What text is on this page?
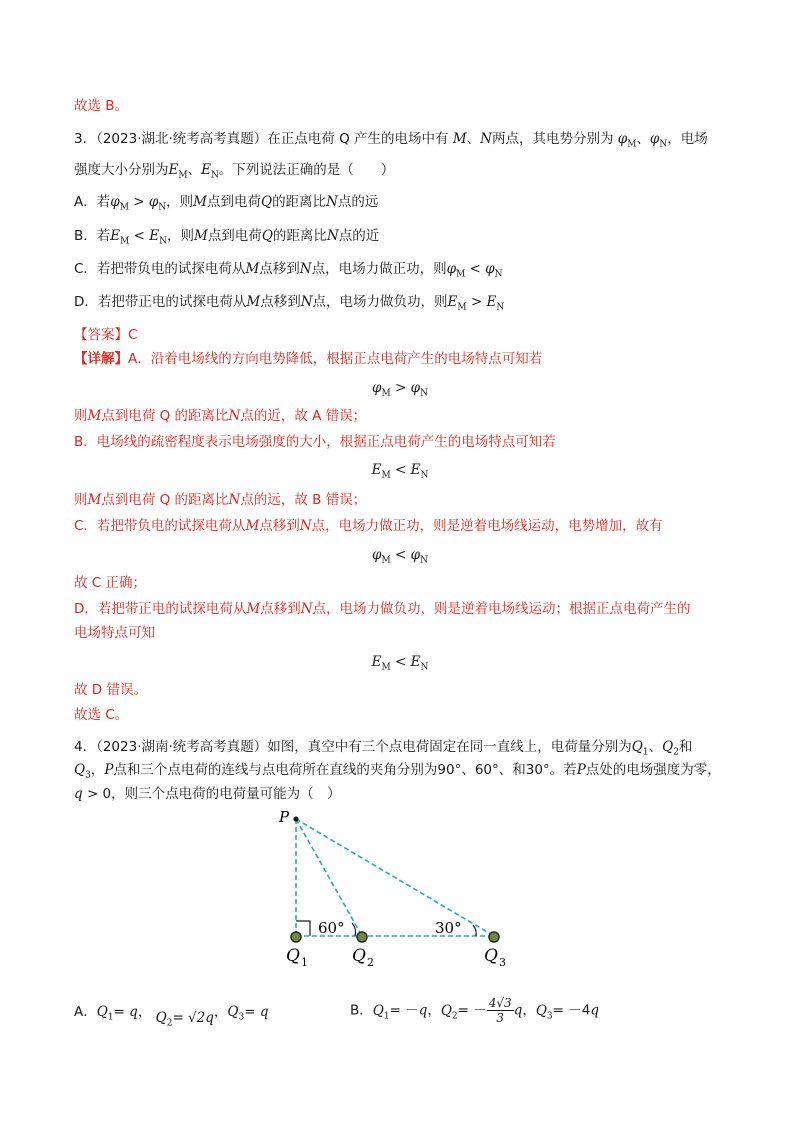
故选 B。
3．（2023·湖北·统考高考真题）在正点电荷 Q 产生的电场中有 M、N两点，其电势分别为 $\varphi_M$、$\varphi_N$，电场
强度大小分别为$E_M$、$E_N$。下列说法正确的是（　　）
A．若$\varphi_M > \varphi_N$，则M点到电荷Q的距离比N点的远
B．若$E_M < E_N$，则M点到电荷Q的距离比N点的近
C．若把带负电的试探电荷从M点移到N点，电场力做正功，则$\varphi_M < \varphi_N$
D．若把带正电的试探电荷从M点移到N点，电场力做负功，则$E_M > E_N$
【答案】C
【详解】A．沿着电场线的方向电势降低，根据正点电荷产生的电场特点可知若
$\varphi_M > \varphi_N$
则M点到电荷 Q 的距离比N点的近，故 A 错误；
B．电场线的疏密程度表示电场强度的大小，根据正点电荷产生的电场特点可知若
$E_M < E_N$
则M点到电荷 Q 的距离比N点的远，故 B 错误；
C．若把带负电的试探电荷从M点移到N点，电场力做正功，则是逆着电场线运动，电势增加，故有
$\varphi_M < \varphi_N$
故 C 正确；
D．若把带正电的试探电荷从M点移到N点，电场力做负功，则是逆着电场线运动；根据正点电荷产生的
电场特点可知
$E_M < E_N$
故 D 错误。
故选 C。
4．（2023·湖南·统考高考真题）如图，真空中有三个点电荷固定在同一直线上，电荷量分别为$Q_1$、$Q_2$和
$Q_3$，P点和三个点电荷的连线与点电荷所在直线的夹角分别为90°、60°、和30°。若P点处的电场强度为零，
q > 0，则三个点电荷的电荷量可能为（　）
P
60°	30°
Q 1	Q 2	Q 3
A．$Q_1= q$， $Q_2= √2q$，$Q_3= q$	B．$Q_1= -q$，$Q_2= - \frac{4√3}{3}$ q，$Q_3= -4q$
